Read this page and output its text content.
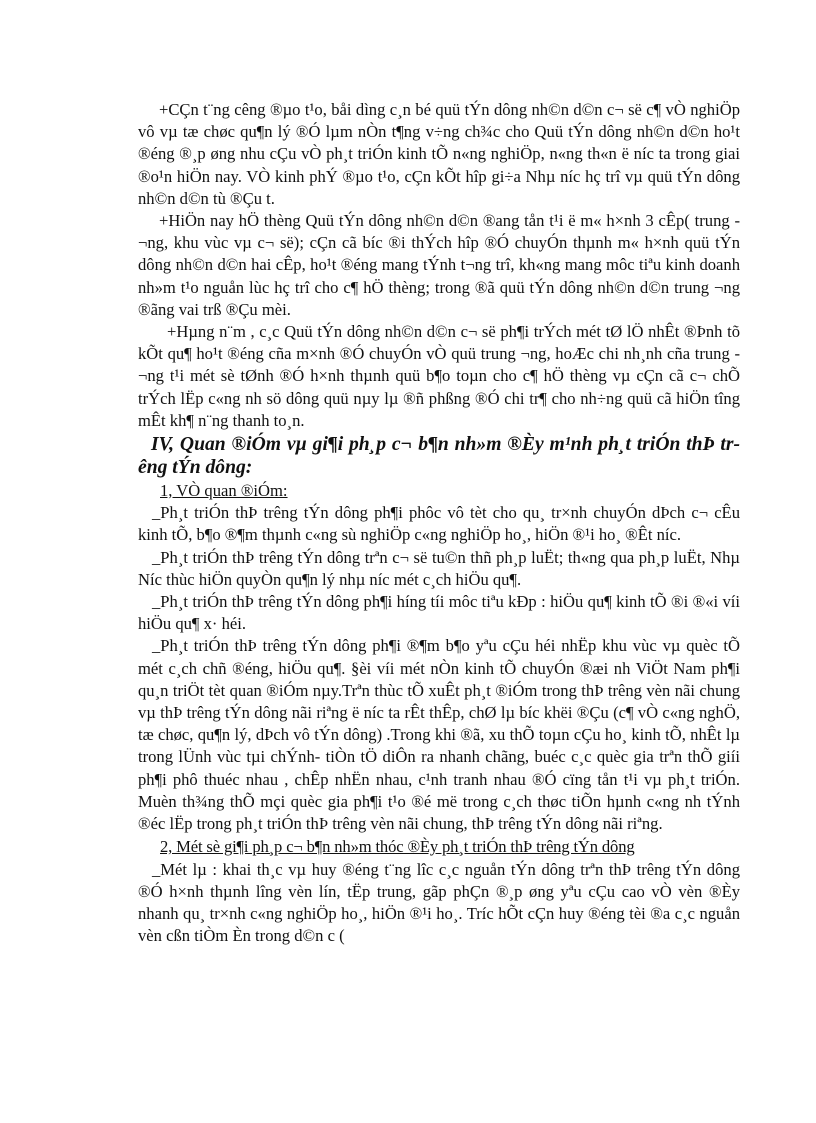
+CÇn t¨ng cêng ®µo t¹o, båi dìng c¸n bé quü tÝn dông nh©n d©n c¬ së c¶ vÒ nghiÖp vô vµ tæ chøc qu¶n lý ®Ó lµm nÒn t¶ng v÷ng ch¾c cho Quü tÝn dông nh©n d©n ho¹t ®éng ®¸p øng nhu cÇu vÒ ph¸t triÓn kinh tÕ n«ng nghiÖp, n«ng th«n ë níc ta trong giai ®o¹n hiÖn nay. VÒ kinh phÝ ®µo t¹o, cÇn kÕt hîp gi÷a Nhµ níc hç trî vµ quü tÝn dông nh©n d©n tù ®Çu t.

+HiÖn nay hÖ thèng Quü tÝn dông nh©n d©n ®ang tån t¹i ë m« h×nh 3 cÊp( trung ¬ng, khu vùc vµ c¬ së); cÇn cã bíc ®i thÝch hîp ®Ó chuyÓn thµnh m« h×nh quü tÝn dông nh©n d©n hai cÊp, ho¹t ®éng mang tÝnh t¬ng trî, kh«ng mang môc tiªu kinh doanh nh»m t¹o nguån lùc hç trî cho c¶ hÖ thèng; trong ®ã quü tÝn dông nh©n d©n trung ¬ng ®ãng vai trß ®Çu mèi.

+Hµng n¨m , c¸c Quü tÝn dông nh©n d©n c¬ së ph¶i trÝch mét tØ lÖ nhÊt ®Þnh tõ kÕt qu¶ ho¹t ®éng cña m×nh ®Ó chuyÓn vÒ quü trung ¬ng, hoÆc chi nh¸nh cña trung ¬ng t¹i mét sè tØnh ®Ó h×nh thµnh quü b¶o toµn cho c¶ hÖ thèng vµ cÇn cã c¬ chÕ trÝch lËp c«ng nh sö dông quü nµy lµ ®ñ phßng ®Ó chi tr¶ cho nh÷ng quü cã hiÖn tîng mÊt kh¶ n¨ng thanh to¸n.

IV, Quan ®iÓm vµ gi¶i ph¸p c¬ b¶n nh»m ®Èy m¹nh ph¸t triÓn thÞ trêng tÝn dông:

1, VÒ quan ®iÓm:

_Ph¸t triÓn thÞ trêng tÝn dông ph¶i phôc vô tèt cho qu¸ tr×nh chuyÓn dÞch c¬ cÊu kinh tÕ, b¶o ®¶m thµnh c«ng sù nghiÖp c«ng nghiÖp ho¸, hiÖn ®¹i ho¸ ®Êt níc.

_Ph¸t triÓn thÞ trêng tÝn dông trªn c¬ së tu©n thñ ph¸p luËt; th«ng qua ph¸p luËt, Nhµ Níc thùc hiÖn quyÒn qu¶n lý nhµ níc mét c¸ch hiÖu qu¶.

_Ph¸t triÓn thÞ trêng tÝn dông ph¶i híng tíi môc tiªu kÐp : hiÖu qu¶ kinh tÕ ®i ®«i víi hiÖu qu¶ x· héi.

_Ph¸t triÓn thÞ trêng tÝn dông ph¶i ®¶m b¶o yªu cÇu héi nhËp khu vùc vµ quèc tÕ mét c¸ch chñ ®éng, hiÖu qu¶. §èi víi mét nÒn kinh tÕ chuyÓn ®æi nh ViÖt Nam ph¶i qu¸n triÖt tèt quan ®iÓm nµy.Trªn thùc tÕ xuÊt ph¸t ®iÓm trong thÞ trêng vèn nãi chung vµ thÞ trêng tÝn dông nãi riªng ë níc ta rÊt thÊp, chØ lµ bíc khëi ®Çu (c¶ vÒ c«ng nghÖ, tæ chøc, qu¶n lý, dÞch vô tÝn dông) .Trong khi ®ã, xu thÕ toµn cÇu ho¸ kinh tÕ, nhÊt lµ trong lÜnh vùc tµi chÝnh- tiÒn tÖ diÔn ra nhanh chãng, buéc c¸c quèc gia trªn thÕ giíi ph¶i phô thuéc nhau , chÊp nhËn nhau, c¹nh tranh nhau ®Ó cïng tån t¹i vµ ph¸t triÓn. Muèn th¾ng thÕ mçi quèc gia ph¶i t¹o ®é më trong c¸ch thøc tiÕn hµnh c«ng nh tÝnh ®éc lËp trong ph¸t triÓn thÞ trêng vèn nãi chung, thÞ trêng tÝn dông nãi riªng.

2, Mét sè gi¶i ph¸p c¬ b¶n nh»m thóc ®Èy ph¸t triÓn thÞ trêng tÝn dông

_Mét lµ : khai th¸c vµ huy ®éng t¨ng lîc c¸c nguån tÝn dông trªn thÞ trêng tÝn dông ®Ó h×nh thµnh lîng vèn lín, tËp trung, gãp phÇn ®¸p øng yªu cÇu cao vÒ vèn ®Èy nhanh qu¸ tr×nh c«ng nghiÖp ho¸, hiÖn ®¹i ho¸. Tríc hÕt cÇn huy ®éng tèi ®a c¸c nguån vèn cßn tiÒm Èn trong d©n c (
